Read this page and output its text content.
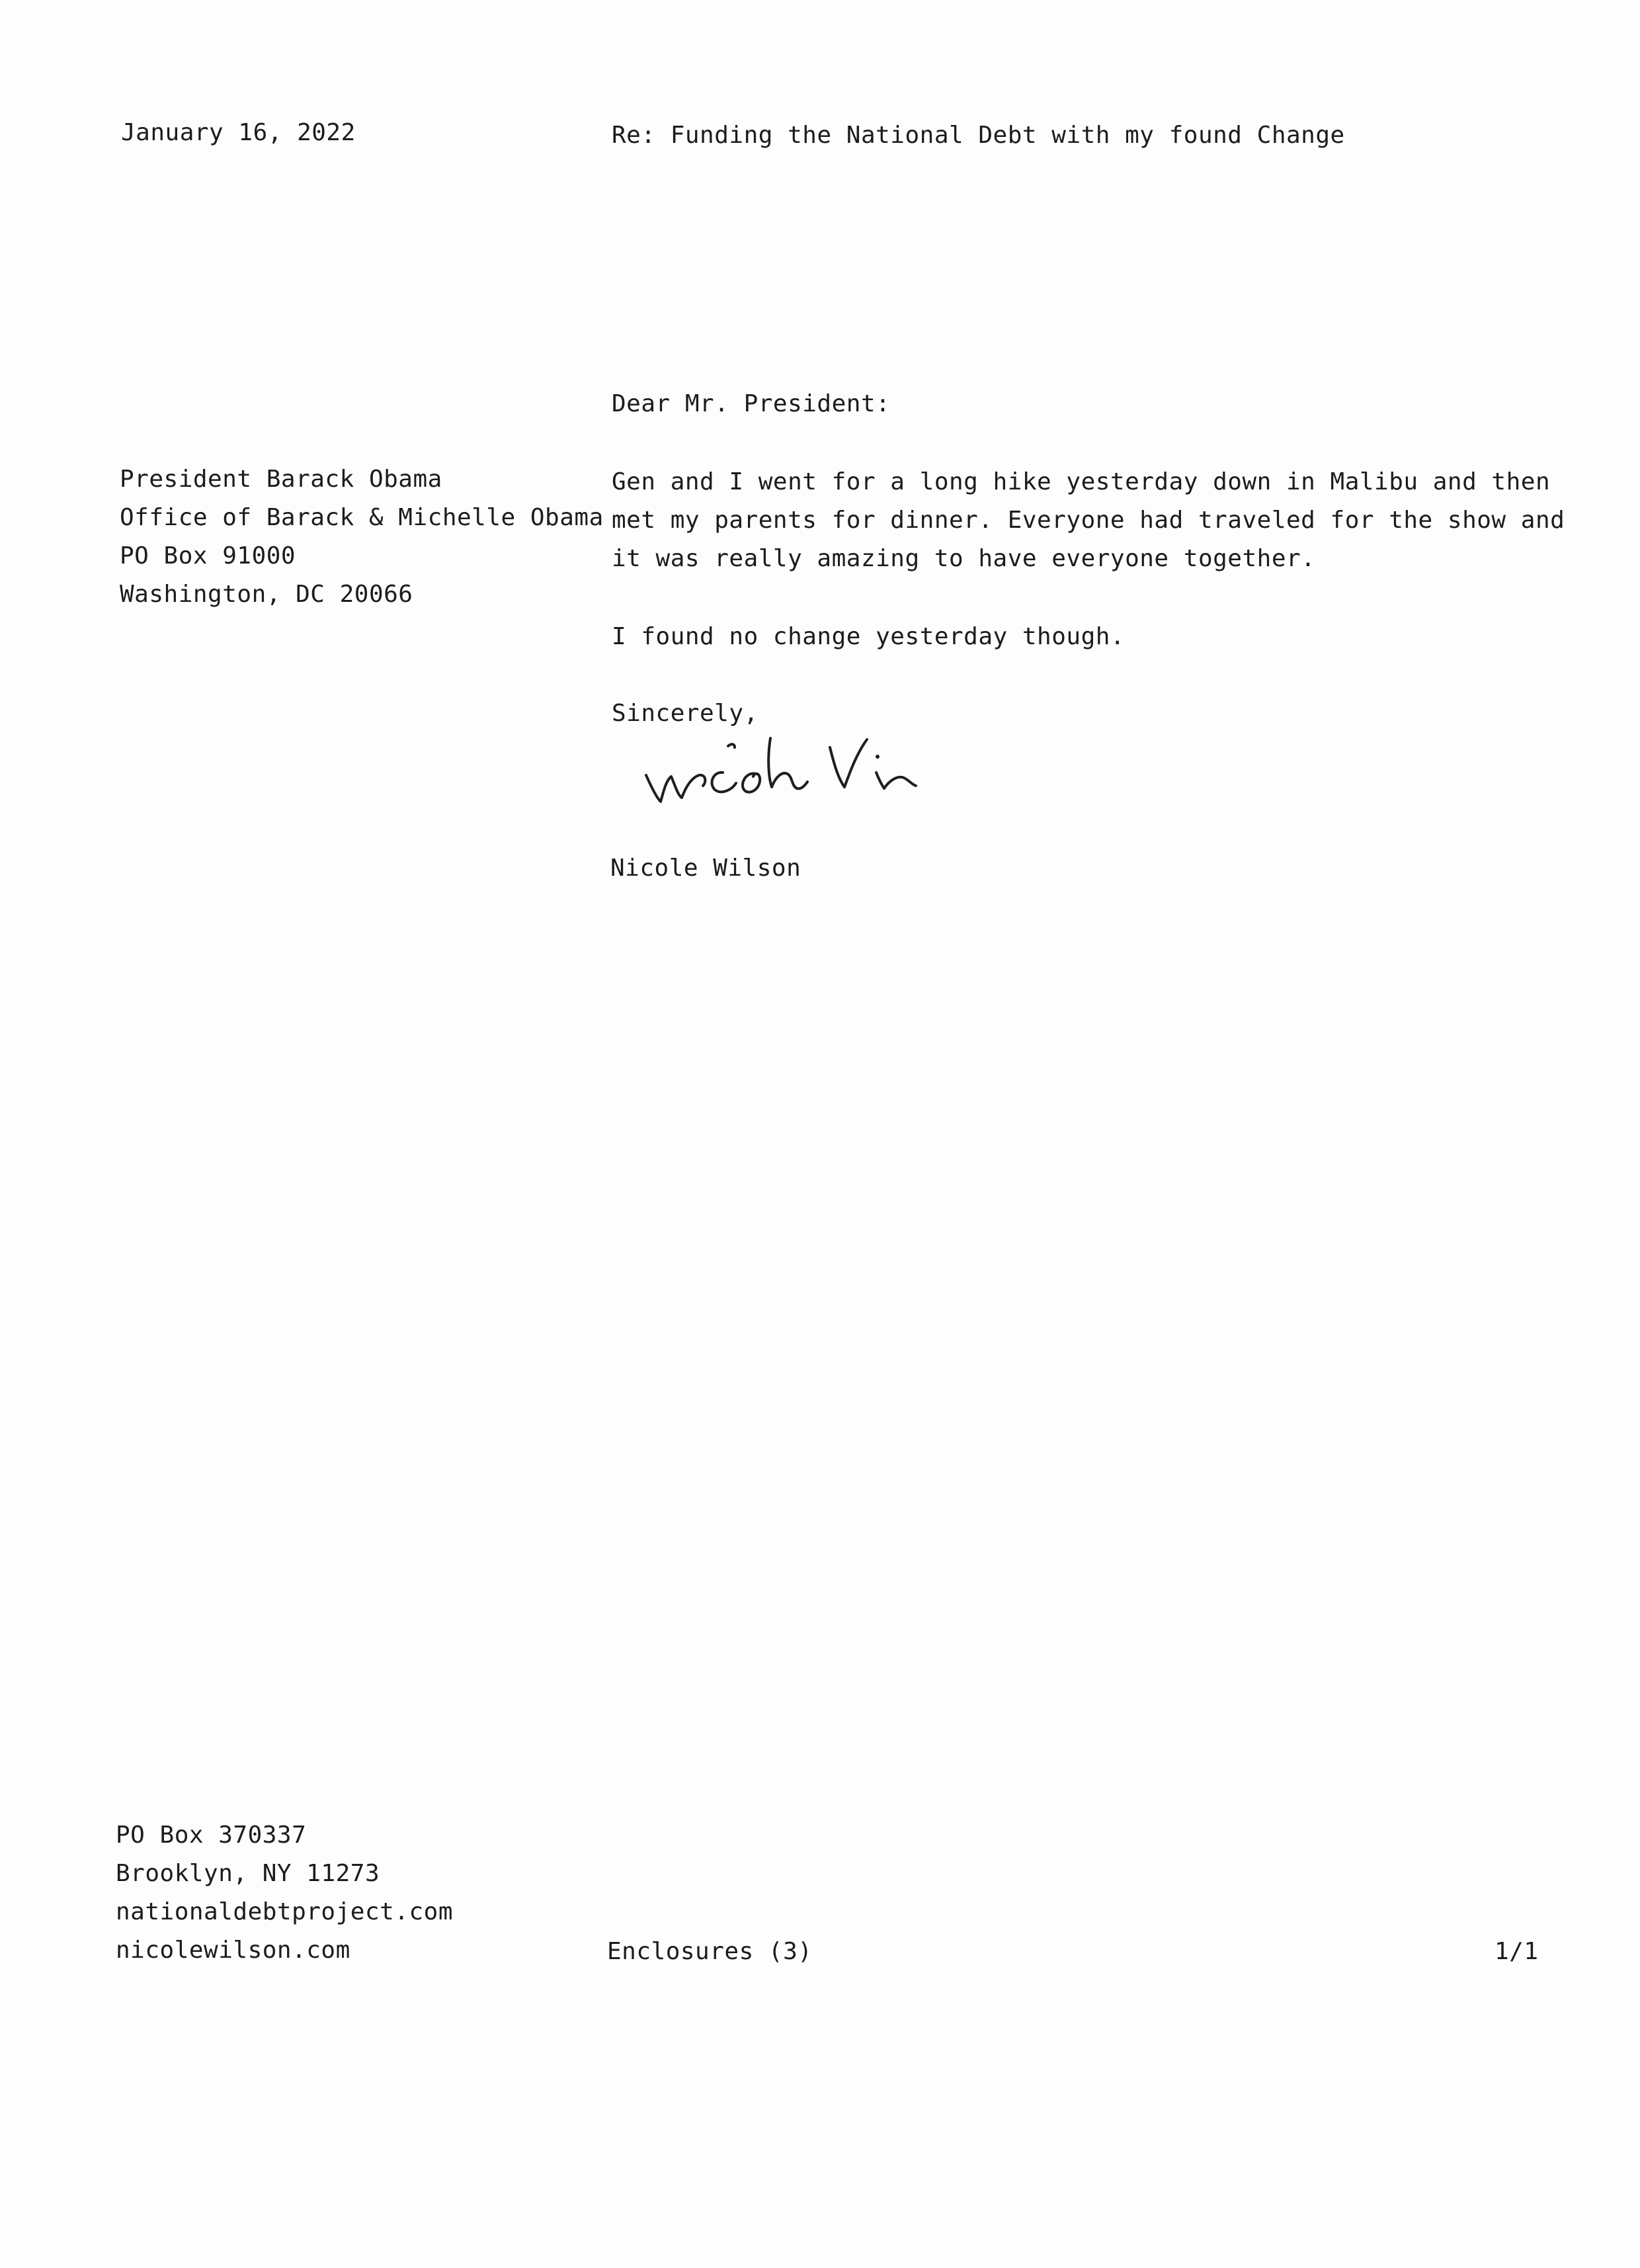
January 16, 2022	Re: Funding the National Debt with my found Change
Dear Mr. President:
President Barack Obama
Office of Barack & Michelle Obama
PO Box 91000
Washington, DC 20066
Gen and I went for a long hike yesterday down in Malibu and then
met my parents for dinner. Everyone had traveled for the show and
it was really amazing to have everyone together.
I found no change yesterday though.
Sincerely,
Nicole Wilson
PO Box 370337
Brooklyn, NY 11273
nationaldebtproject.com
nicolewilson.com	Enclosures (3)	1/1
